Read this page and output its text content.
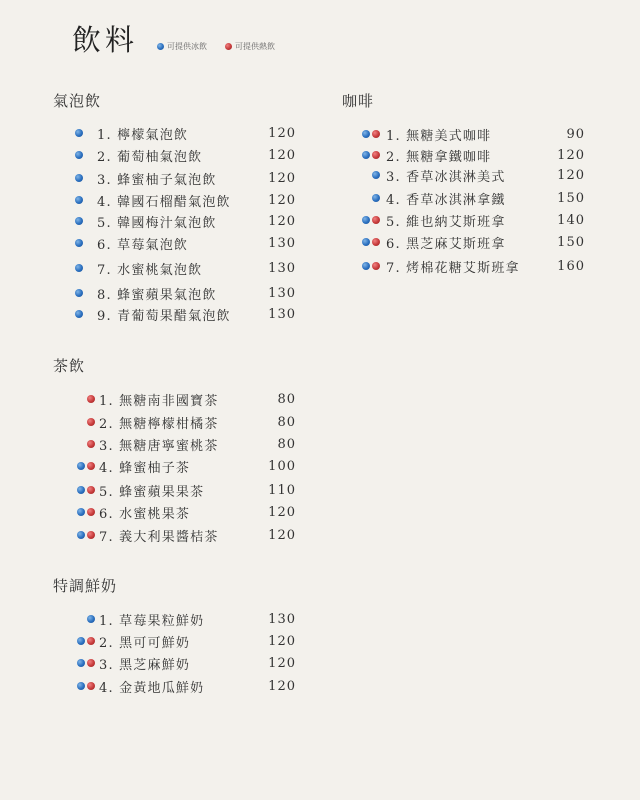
飲料	可提供冰飲	可提供熱飲
氣泡飲	咖啡
茶飲
特調鮮奶
1. 檸檬氣泡飲	120
2. 葡萄柚氣泡飲	120
3. 蜂蜜柚子氣泡飲	120
4. 韓國石榴醋氣泡飲	120
5. 韓國梅汁氣泡飲	120
6. 草莓氣泡飲	130
7. 水蜜桃氣泡飲	130
8. 蜂蜜蘋果氣泡飲	130
9. 青葡萄果醋氣泡飲	130
1. 無糖美式咖啡	90
2. 無糖拿鐵咖啡	120
3. 香草冰淇淋美式	120
4. 香草冰淇淋拿鐵	150
5. 維也納艾斯班拿	140
6. 黑芝麻艾斯班拿	150
7. 烤棉花糖艾斯班拿	160
1. 無糖南非國寶茶	80
2. 無糖檸檬柑橘茶	80
3. 無糖唐寧蜜桃茶	80
4. 蜂蜜柚子茶	100
5. 蜂蜜蘋果果茶	110
6. 水蜜桃果茶	120
7. 義大利果醬桔茶	120
1. 草莓果粒鮮奶	130
2. 黑可可鮮奶	120
3. 黑芝麻鮮奶	120
4. 金黃地瓜鮮奶	120
